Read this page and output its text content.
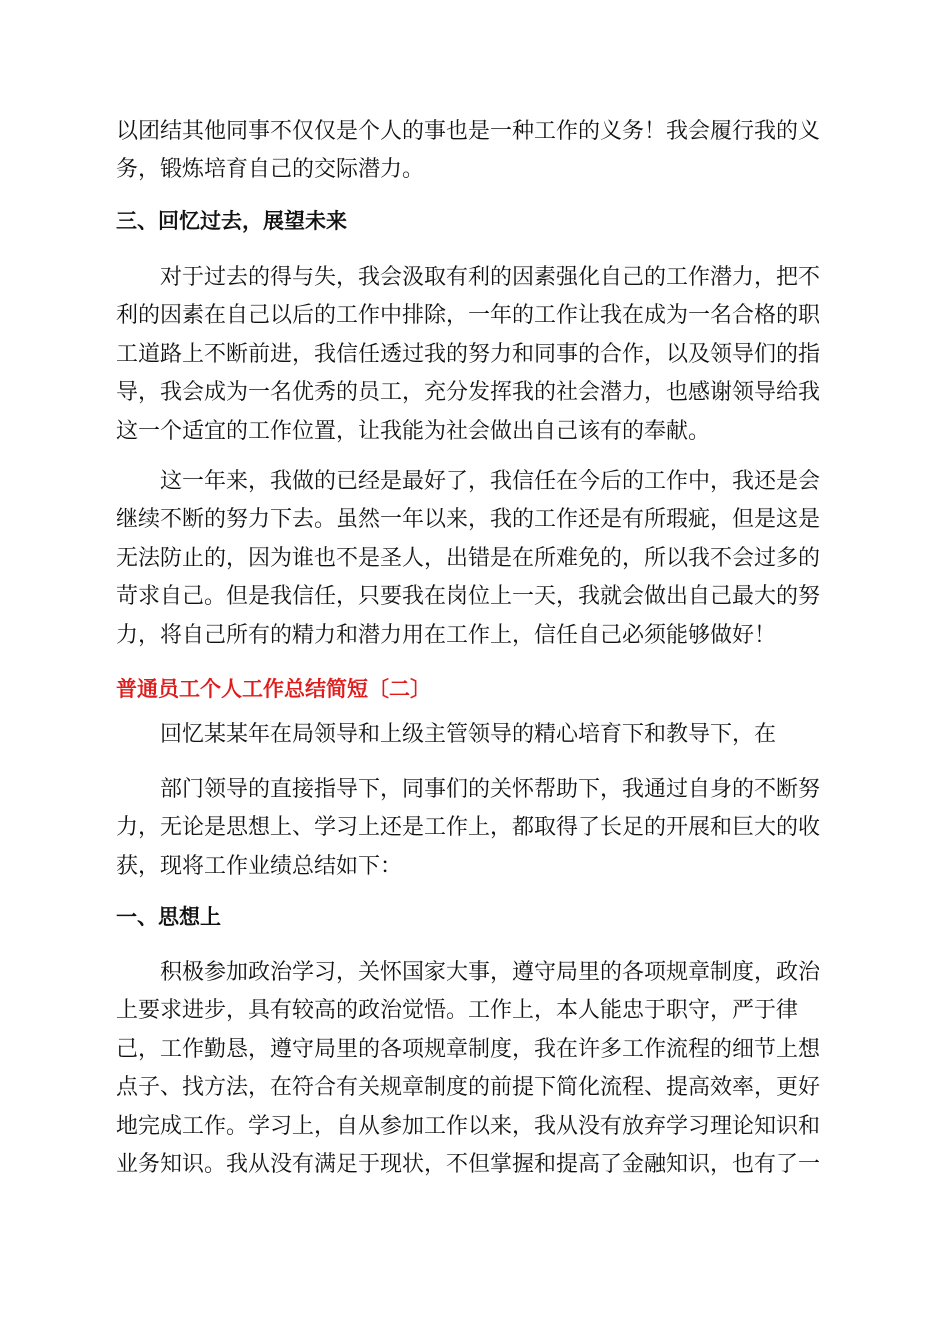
以团结其他同事不仅仅是个人的事也是一种工作的义务！我会履行我的义
务，锻炼培育自己的交际潜力。
三、回忆过去，展望未来
对于过去的得与失，我会汲取有利的因素强化自己的工作潜力，把不
利的因素在自己以后的工作中排除，一年的工作让我在成为一名合格的职
工道路上不断前进，我信任透过我的努力和同事的合作，以及领导们的指
导，我会成为一名优秀的员工，充分发挥我的社会潜力，也感谢领导给我
这一个适宜的工作位置，让我能为社会做出自己该有的奉献。
这一年来，我做的已经是最好了，我信任在今后的工作中，我还是会
继续不断的努力下去。虽然一年以来，我的工作还是有所瑕疵，但是这是
无法防止的，因为谁也不是圣人，出错是在所难免的，所以我不会过多的
苛求自己。但是我信任，只要我在岗位上一天，我就会做出自己最大的努
力，将自己所有的精力和潜力用在工作上，信任自己必须能够做好！
普通员工个人工作总结简短〔二〕
回忆某某年在局领导和上级主管领导的精心培育下和教导下，在
部门领导的直接指导下，同事们的关怀帮助下，我通过自身的不断努
力，无论是思想上、学习上还是工作上，都取得了长足的开展和巨大的收
获，现将工作业绩总结如下：
一、思想上
积极参加政治学习，关怀国家大事，遵守局里的各项规章制度，政治
上要求进步，具有较高的政治觉悟。工作上，本人能忠于职守，严于律
己，工作勤恳，遵守局里的各项规章制度，我在许多工作流程的细节上想
点子、找方法，在符合有关规章制度的前提下简化流程、提高效率，更好
地完成工作。学习上，自从参加工作以来，我从没有放弃学习理论知识和
业务知识。我从没有满足于现状，不但掌握和提高了金融知识，也有了一
